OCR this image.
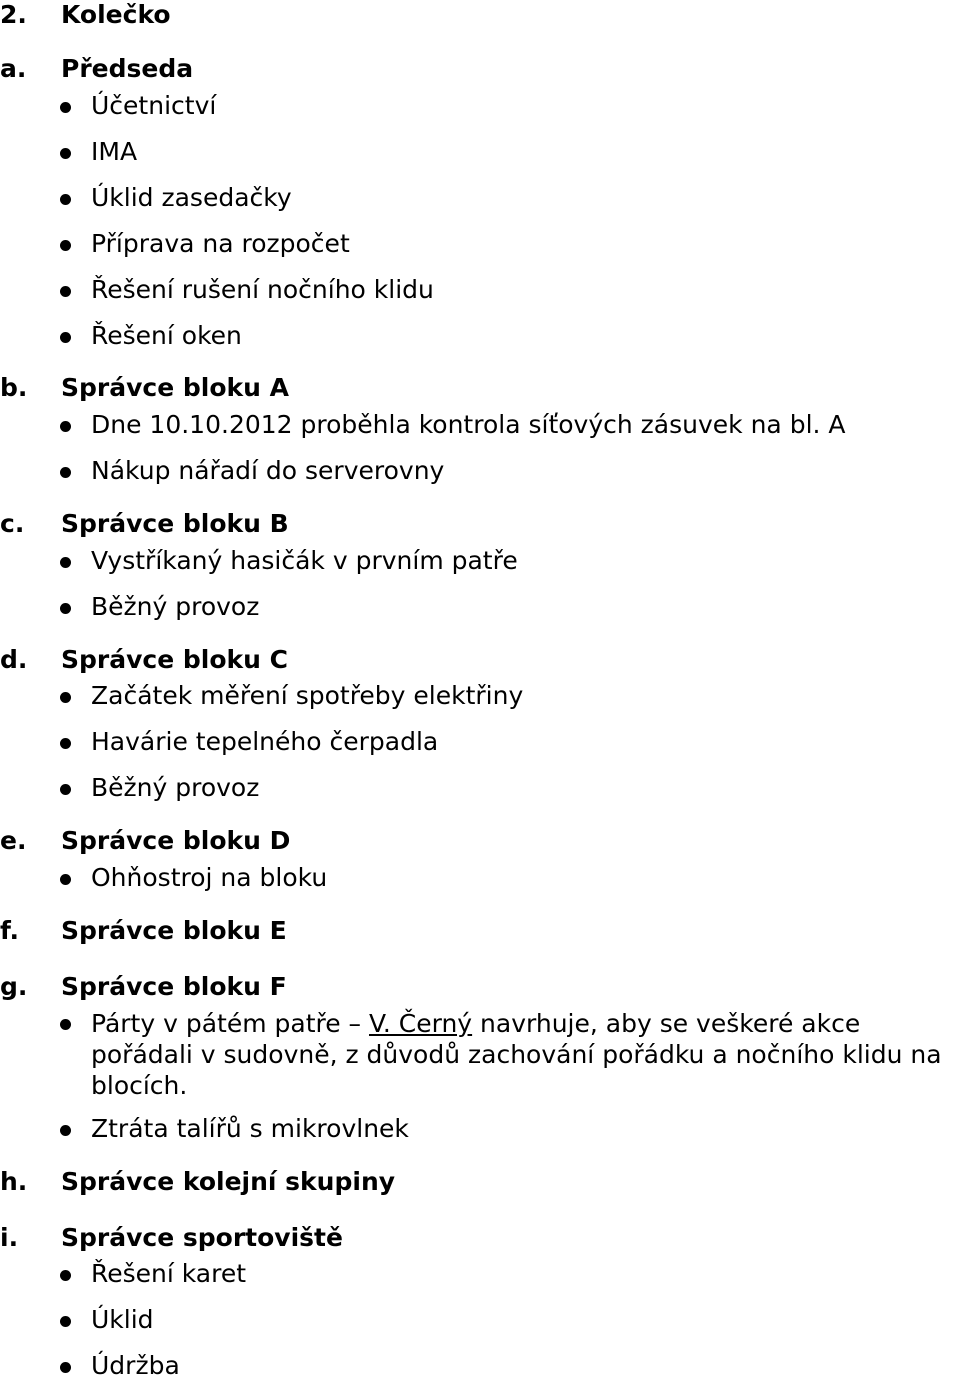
2. Kolečko
a. Předseda
Účetnictví
IMA
Úklid zasedačky
Příprava na rozpočet
Řešení rušení nočního klidu
Řešení oken
b. Správce bloku A
Dne 10.10.2012 proběhla kontrola síťových zásuvek na bl. A
Nákup nářadí do serverovny
c. Správce bloku B
Vystříkaný hasičák v prvním patře
Běžný provoz
d. Správce bloku C
Začátek měření spotřeby elektřiny
Havárie tepelného čerpadla
Běžný provoz
e. Správce bloku D
Ohňostroj na bloku
f. Správce bloku E
g. Správce bloku F
Párty v pátém patře – V. Černý navrhuje, aby se veškeré akce pořádali v sudovně, z důvodů zachování pořádku a nočního klidu na blocích.
Ztráta talířů s mikrovlnek
h. Správce kolejní skupiny
i. Správce sportoviště
Řešení karet
Úklid
Údržba
